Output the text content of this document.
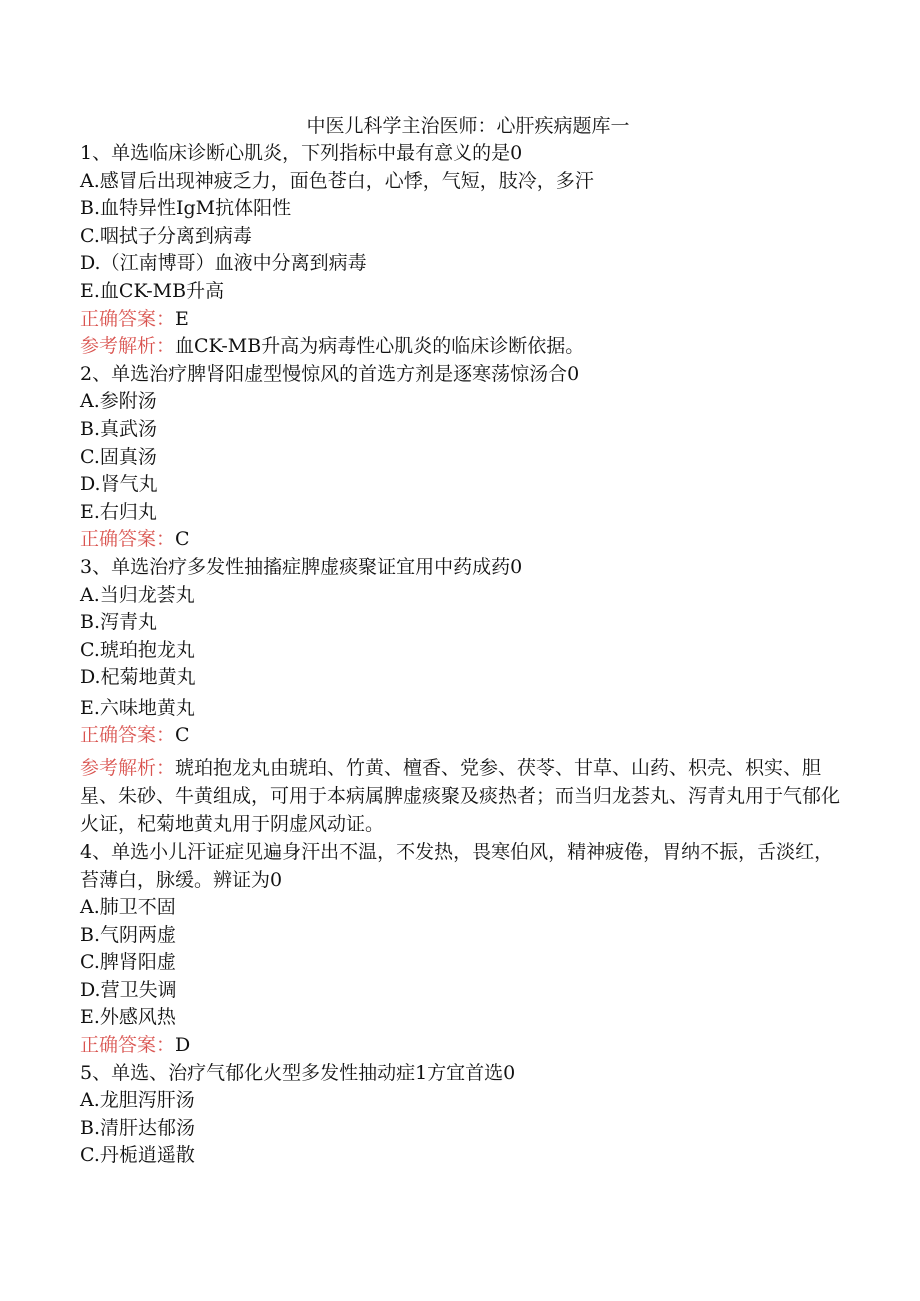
中医儿科学主治医师：心肝疾病题库一
1、单选临床诊断心肌炎，下列指标中最有意义的是0
A.感冒后出现神疲乏力，面色苍白，心悸，气短，肢冷，多汗
B.血特异性IgM抗体阳性
C.咽拭子分离到病毒
D.（江南博哥）血液中分离到病毒
E.血CK-MB升高
正确答案：E
参考解析：血CK-MB升高为病毒性心肌炎的临床诊断依据。
2、单选治疗脾肾阳虚型慢惊风的首选方剂是逐寒荡惊汤合0
A.参附汤
B.真武汤
C.固真汤
D.肾气丸
E.右归丸
正确答案：C
3、单选治疗多发性抽搐症脾虚痰聚证宜用中药成药0
A.当归龙荟丸
B.泻青丸
C.琥珀抱龙丸
D.杞菊地黄丸
E.六味地黄丸
正确答案：C
参考解析：琥珀抱龙丸由琥珀、竹黄、檀香、党参、茯苓、甘草、山药、枳壳、枳实、胆星、朱砂、牛黄组成，可用于本病属脾虚痰聚及痰热者；而当归龙荟丸、泻青丸用于气郁化火证，杞菊地黄丸用于阴虚风动证。
4、单选小儿汗证症见遍身汗出不温，不发热，畏寒伯风，精神疲倦，胃纳不振，舌淡红，苔薄白，脉缓。辨证为0
A.肺卫不固
B.气阴两虚
C.脾肾阳虚
D.营卫失调
E.外感风热
正确答案：D
5、单选、治疗气郁化火型多发性抽动症1方宜首选0
A.龙胆泻肝汤
B.清肝达郁汤
C.丹栀逍遥散
